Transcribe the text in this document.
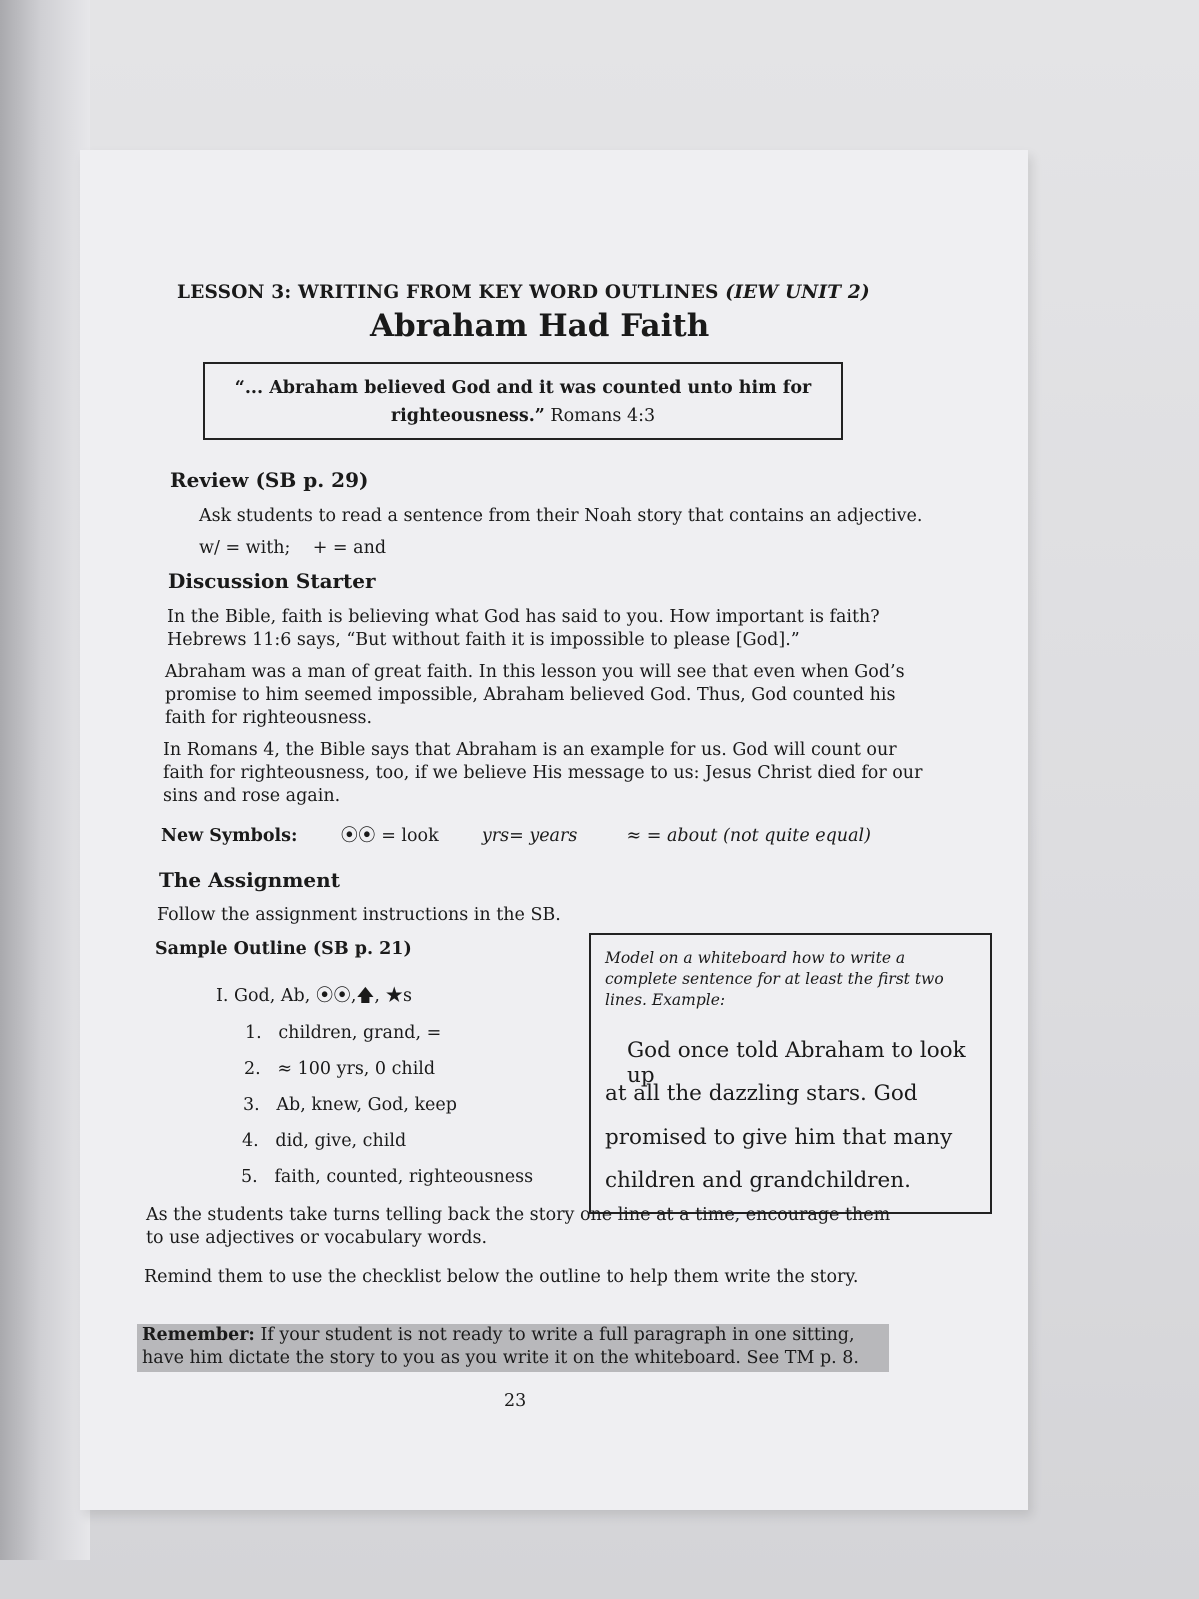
LESSON 3: WRITING FROM KEY WORD OUTLINES (IEW UNIT 2)
Abraham Had Faith
“... Abraham believed God and it was counted unto him for
righteousness.” Romans 4:3
Review (SB p. 29)
Ask students to read a sentence from their Noah story that contains an adjective.
w/ = with;    + = and
Discussion Starter
In the Bible, faith is believing what God has said to you. How important is faith?
Hebrews 11:6 says, “But without faith it is impossible to please [God].”
Abraham was a man of great faith. In this lesson you will see that even when God’s
promise to him seemed impossible, Abraham believed God. Thus, God counted his
faith for righteousness.
In Romans 4, the Bible says that Abraham is an example for us. God will count our
faith for righteousness, too, if we believe His message to us: Jesus Christ died for our
sins and rose again.
New Symbols: ⦿⦿ = look yrs= years	≈ = about (not quite equal)
The Assignment
Follow the assignment instructions in the SB.
Sample Outline (SB p. 21)
I. God, Ab, ⦿⦿,🡅, ★s
1.   children, grand, =
2.   ≈ 100 yrs, 0 child
3.   Ab, knew, God, keep
4.   did, give, child
5.   faith, counted, righteousness
Model on a whiteboard how to write a complete sentence for at least the first two lines. Example:
God once told Abraham to look up
at all the dazzling stars. God
promised to give him that many
children and grandchildren.
As the students take turns telling back the story one line at a time, encourage them
to use adjectives or vocabulary words.
Remind them to use the checklist below the outline to help them write the story.
Remember: If your student is not ready to write a full paragraph in one sitting,
have him dictate the story to you as you write it on the whiteboard. See TM p. 8.
23
